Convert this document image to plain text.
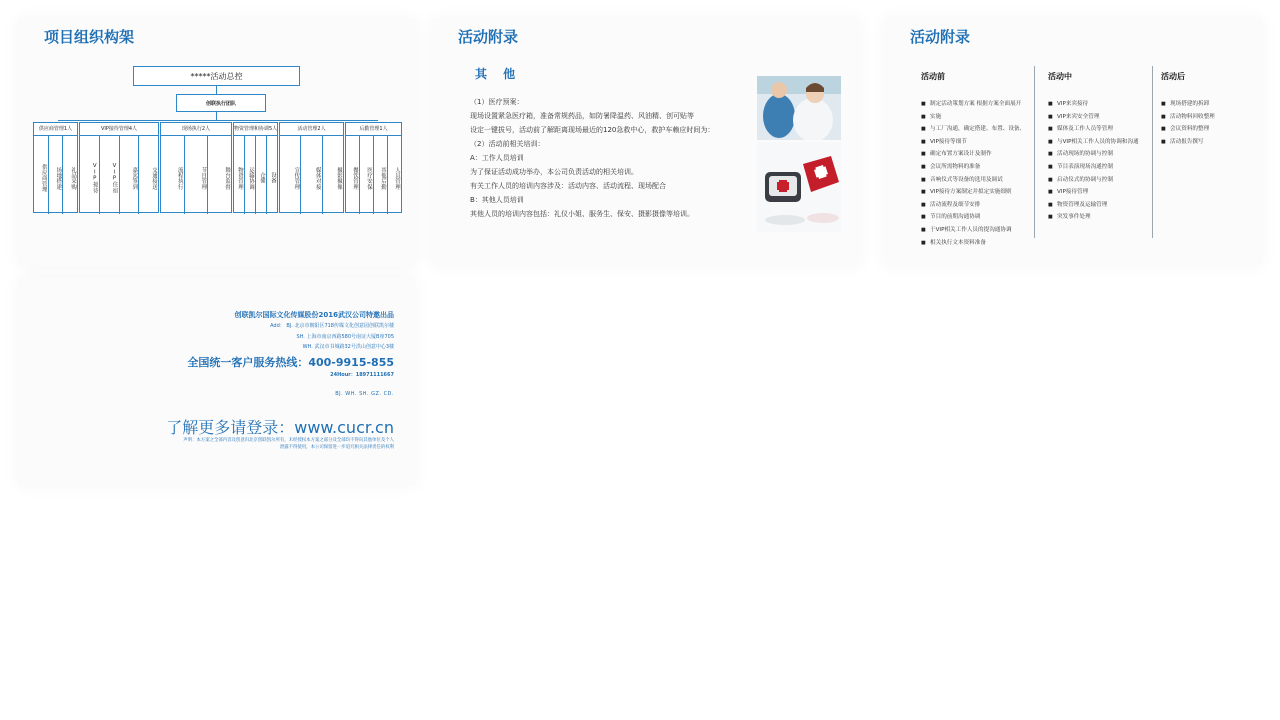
项目组织构架
*****活动总控
创联执行团队
供应商管理1人
供应商管理	场地搭建	礼品采购
VIP接待管理4人
VIP接待	VIP住宿	嘉宾签到	交通接送
现场执行2人
流程执行	节目管理	舞台监督
物资管理和协调5人
物资管理 运输协调 仓储 设备
活动管理2人
宣传管理	媒体对接	摄影摄像
后勤管理1人
餐饮管理	医疗安保	其他后勤	人员管理
活动附录
其 他

（1）医疗预案：

现场设置紧急医疗箱，准备常规药品，如防暑降温药、风油精、创可贴等

设定一键拔号，活动前了解距离现场最近的120急救中心，救护车赖应时间为：

（2）活动前相关培训：

A：工作人员培训

为了保证活动成功举办，本公司负责活动的相关培训。

有关工作人员的培训内容涉及：活动内容、活动流程、现场配合

B：其他人员培训

其他人员的培训内容包括：礼仪小姐、服务生、保安、摄影摄像等培训。

活动附录
活动前
■ 制定活动策划方案 根据方案全面展开
■ 实施
■ 与工厂沟通，确定搭建、布置、设备、
■ VIP接待等细节
■ 确定布置方案设计及制作
■ 会议所需物料的准备
■ 音响仪式等设备的选用及调试
■ VIP接待方案制定并拟定实施细则
■ 活动流程及细节安排
■ 节目的前期沟通协调
■ 于VIP相关工作人员的提沟通协调
■ 相关执行文本资料准备
活动中
■ VIP来宾接待
■ VIP来宾安全管理
■ 媒体及工作人员等管理
■ 与VIP相关工作人员的协调和沟通
■ 活动现场的协调与控制
■ 节目表演现场沟通控制
■ 启动仪式的协调与控制
■ VIP接待管理
■ 物资管理及运输管理
■ 突发事件处理
活动后
■ 现场搭建的拆卸
■ 活动物料回收整理
■ 会议资料的整理
■ 活动报告撰写
创联凯尔国际文化传媒股份2016武汉公司特邀出品
Add： BJ. 北京市朝阳区718传媒文化创意园创联凯尔楼
SH. 上海市南京西路580号南证大厦B座705
WH. 武汉市书城路32号洪山创意中心3楼
全国统一客户服务热线：400-9915-855
24Hour：18971111667
BJ. WH. SH. GZ. CD.
了解更多请登录：www.cucr.cn
声明：本方案之全部内容及创意归北京创联凯尔所有，未经授权本方案之部分及全部均不得向其他单位及个人
泄露不得使用，本公司保留进一步追究相关法律责任的权利
